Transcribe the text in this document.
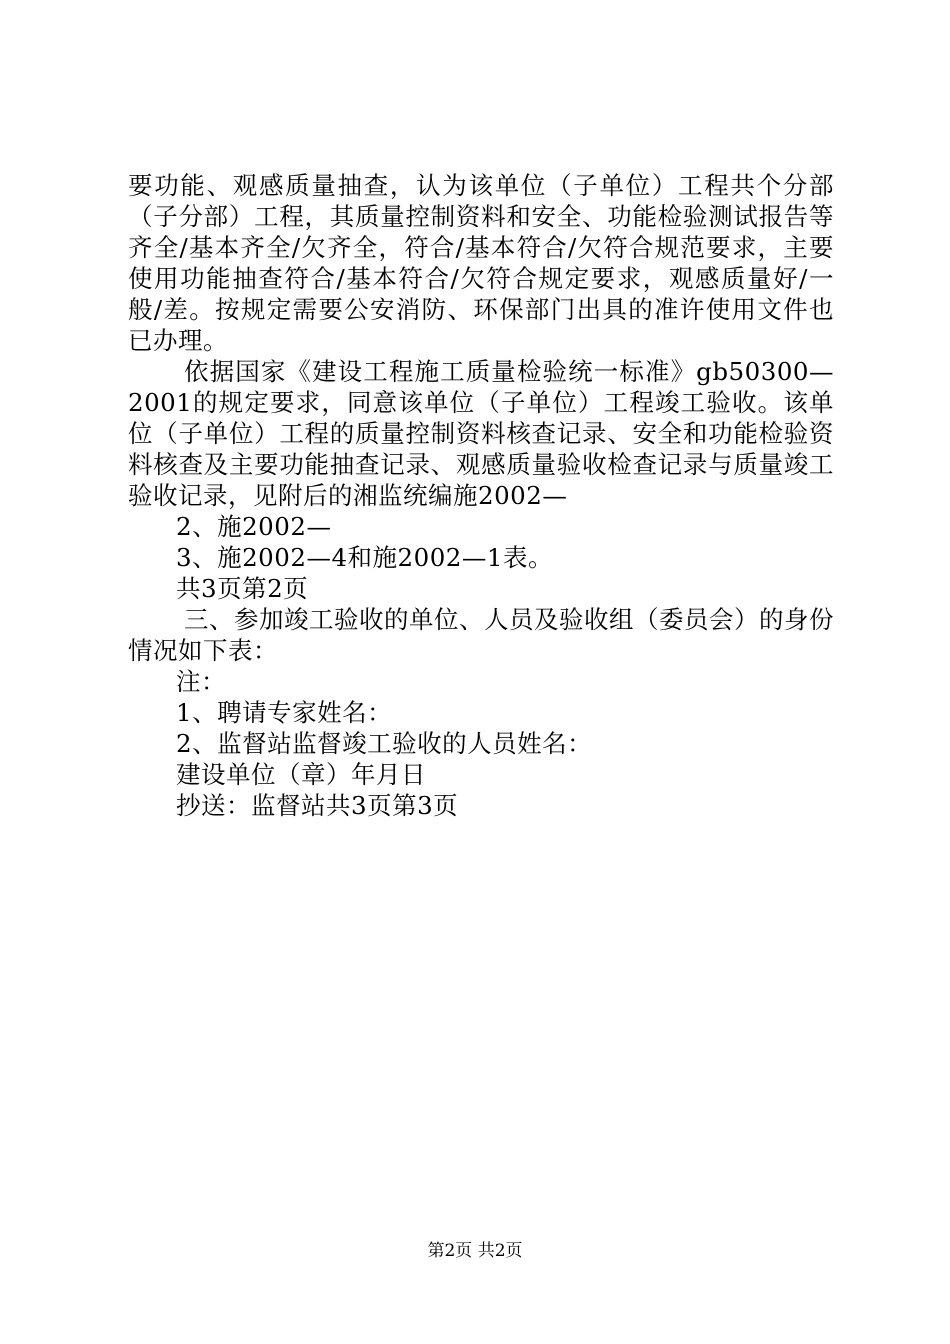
要功能、观感质量抽查，认为该单位（子单位）工程共个分部（子分部）工程，其质量控制资料和安全、功能检验测试报告等齐全/基本齐全/欠齐全，符合/基本符合/欠符合规范要求，主要使用功能抽查符合/基本符合/欠符合规定要求，观感质量好/一般/差。按规定需要公安消防、环保部门出具的准许使用文件也已办理。

依据国家《建设工程施工质量检验统一标准》gb50300—2001的规定要求，同意该单位（子单位）工程竣工验收。该单位（子单位）工程的质量控制资料核查记录、安全和功能检验资料核查及主要功能抽查记录、观感质量验收检查记录与质量竣工验收记录，见附后的湘监统编施2002—

2、施2002—

3、施2002—4和施2002—1表。

共3页第2页

三、参加竣工验收的单位、人员及验收组（委员会）的身份情况如下表：

注：

1、聘请专家姓名：

2、监督站监督竣工验收的人员姓名：

建设单位（章）年月日

抄送：监督站共3页第3页

第2页 共2页
